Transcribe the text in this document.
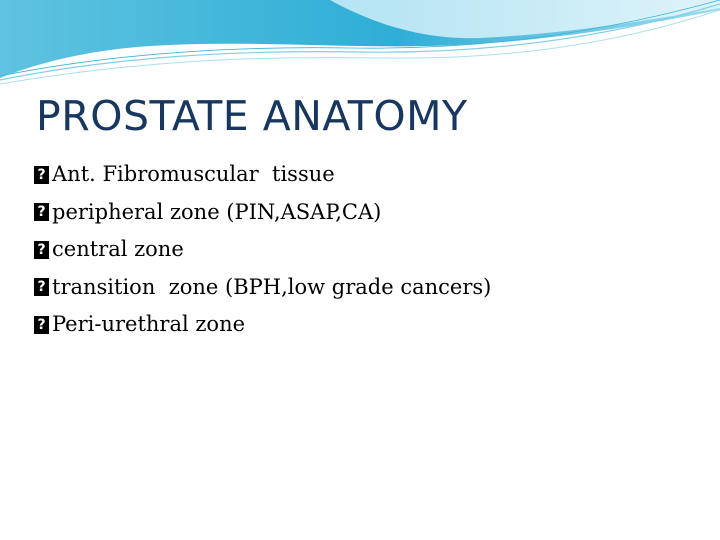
PROSTATE ANATOMY
? Ant. Fibromuscular  tissue
? peripheral zone (PIN,ASAP,CA)
? central zone
? transition  zone (BPH,low grade cancers)
? Peri-urethral zone
